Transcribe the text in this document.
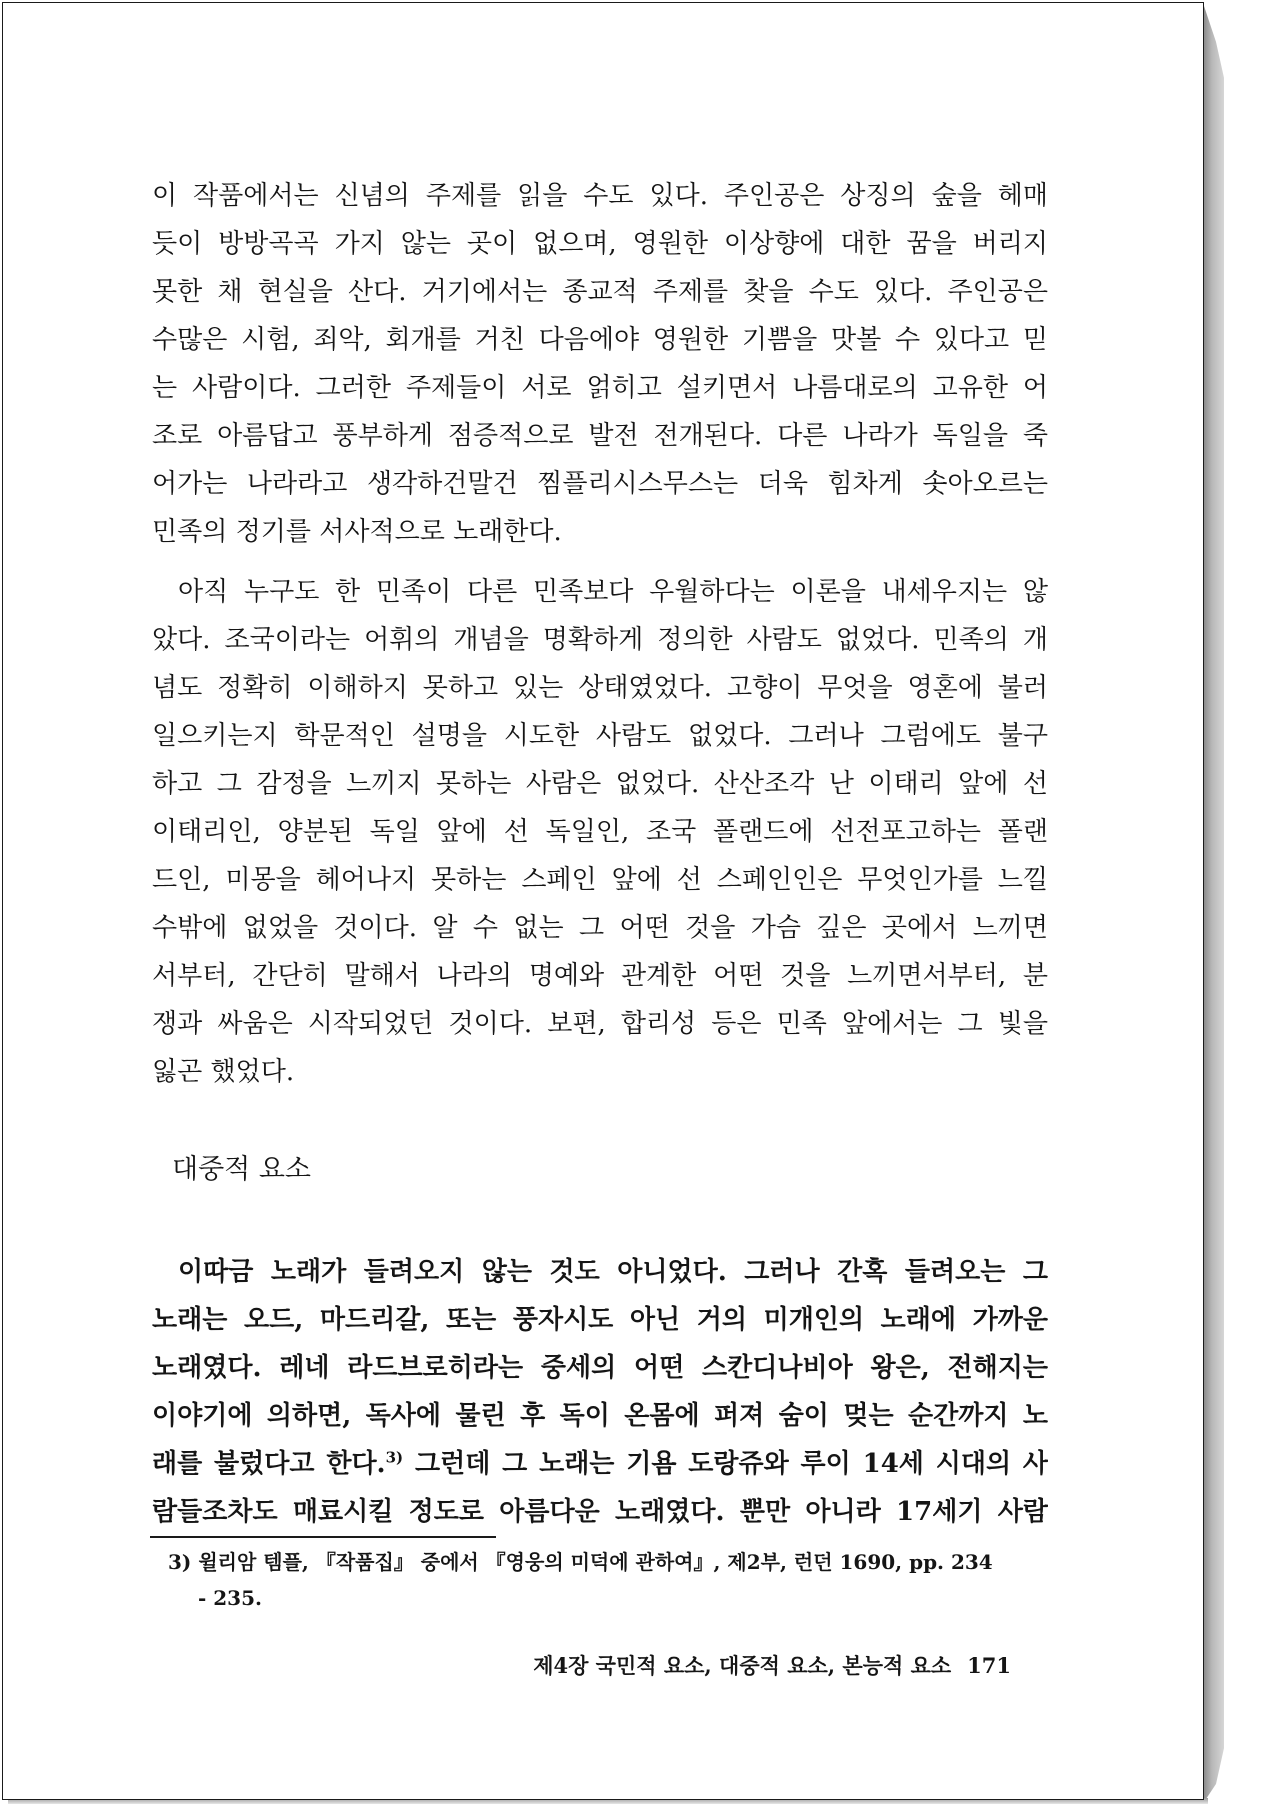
이 작품에서는 신념의 주제를 읽을 수도 있다. 주인공은 상징의 숲을 헤매
듯이 방방곡곡 가지 않는 곳이 없으며, 영원한 이상향에 대한 꿈을 버리지
못한 채 현실을 산다. 거기에서는 종교적 주제를 찾을 수도 있다. 주인공은
수많은 시험, 죄악, 회개를 거친 다음에야 영원한 기쁨을 맛볼 수 있다고 믿
는 사람이다. 그러한 주제들이 서로 얽히고 설키면서 나름대로의 고유한 어
조로 아름답고 풍부하게 점증적으로 발전 전개된다. 다른 나라가 독일을 죽
어가는 나라라고 생각하건말건 찜플리시스무스는 더욱 힘차게 솟아오르는
민족의 정기를 서사적으로 노래한다.
아직 누구도 한 민족이 다른 민족보다 우월하다는 이론을 내세우지는 않
았다. 조국이라는 어휘의 개념을 명확하게 정의한 사람도 없었다. 민족의 개
념도 정확히 이해하지 못하고 있는 상태였었다. 고향이 무엇을 영혼에 불러
일으키는지 학문적인 설명을 시도한 사람도 없었다. 그러나 그럼에도 불구
하고 그 감정을 느끼지 못하는 사람은 없었다. 산산조각 난 이태리 앞에 선
이태리인, 양분된 독일 앞에 선 독일인, 조국 폴랜드에 선전포고하는 폴랜
드인, 미몽을 헤어나지 못하는 스페인 앞에 선 스페인인은 무엇인가를 느낄
수밖에 없었을 것이다. 알 수 없는 그 어떤 것을 가슴 깊은 곳에서 느끼면
서부터, 간단히 말해서 나라의 명예와 관계한 어떤 것을 느끼면서부터, 분
쟁과 싸움은 시작되었던 것이다. 보편, 합리성 등은 민족 앞에서는 그 빛을
잃곤 했었다.
대중적 요소
이따금 노래가 들려오지 않는 것도 아니었다. 그러나 간혹 들려오는 그
노래는 오드, 마드리갈, 또는 풍자시도 아닌 거의 미개인의 노래에 가까운
노래였다. 레네 라드브로히라는 중세의 어떤 스칸디나비아 왕은, 전해지는
이야기에 의하면, 독사에 물린 후 독이 온몸에 퍼져 숨이 멎는 순간까지 노
래를 불렀다고 한다.$^{3)}$ 그런데 그 노래는 기욤 도랑쥬와 루이 14세 시대의 사
람들조차도 매료시킬 정도로 아름다운 노래였다. 뿐만 아니라 17세기 사람
3) 윌리암 템플, 『작품집』 중에서 『영웅의 미덕에 관하여』, 제2부, 런던 1690, pp. 234
- 235.
제4장 국민적 요소, 대중적 요소, 본능적 요소 171
